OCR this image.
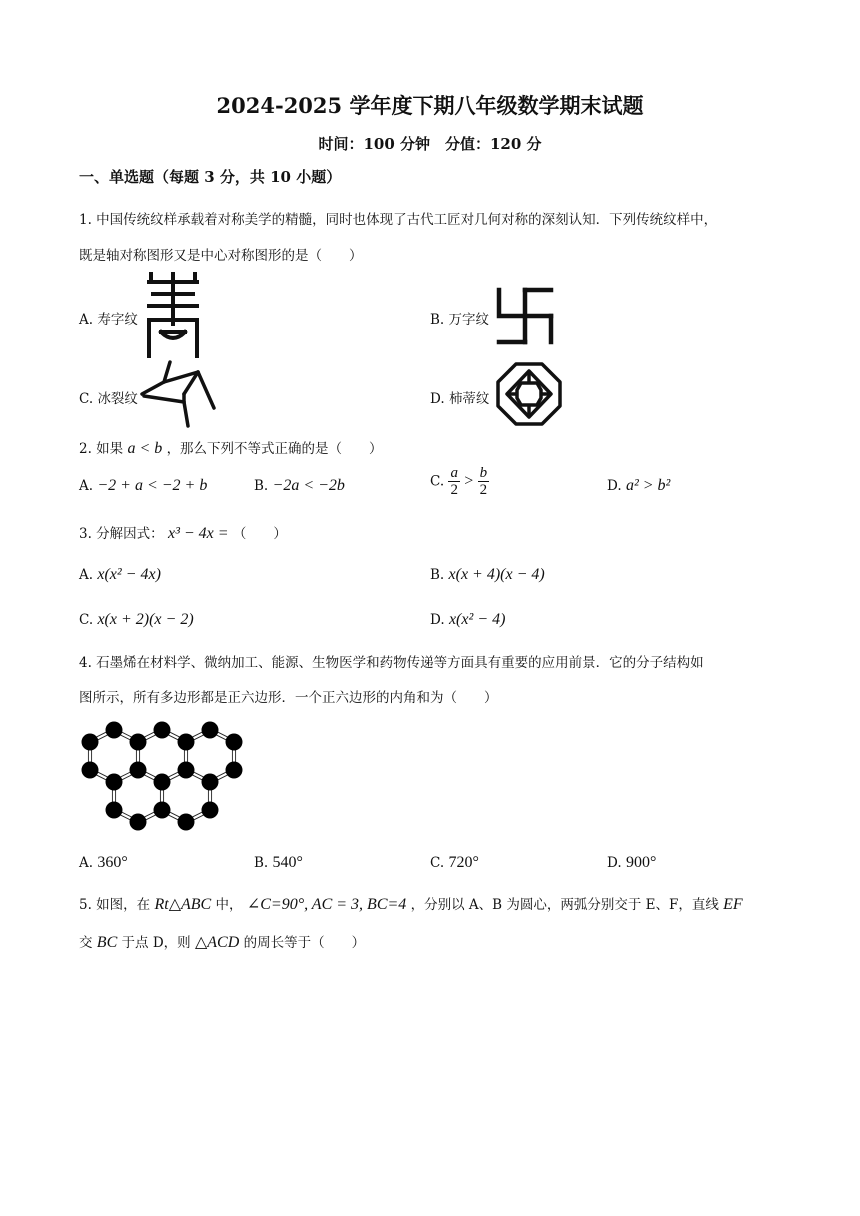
2024-2025 学年度下期八年级数学期末试题
时间：100 分钟　分值：120 分
一、单选题（每题 3 分，共 10 小题）
1. 中国传统纹样承载着对称美学的精髓，同时也体现了古代工匠对几何对称的深刻认知．下列传统纹样中，
既是轴对称图形又是中心对称图形的是（　　）
A. 寿字纹	B. 万字纹
C. 冰裂纹	D. 柿蒂纹
2. 如果 a < b ，那么下列不等式正确的是（　　）
A. −2 + a < −2 + b	B. −2a < −2b	C. $\frac{a}{2} > \frac{b}{2}$	D. a² > b²
3. 分解因式： x³ − 4x = （　　）
A. x(x² − 4x)	B. x(x + 4)(x − 4)
C. x(x + 2)(x − 2)	D. x(x² − 4)
4. 石墨烯在材料学、微纳加工、能源、生物医学和药物传递等方面具有重要的应用前景．它的分子结构如
图所示，所有多边形都是正六边形．一个正六边形的内角和为（　　）
A. 360°	B. 540°	C. 720°	D. 900°
5. 如图，在 Rt△ABC 中， ∠C=90°, AC = 3, BC=4 ，分别以 A、B 为圆心，两弧分别交于 E、F，直线 EF
交 BC 于点 D，则 △ACD 的周长等于（　　）
